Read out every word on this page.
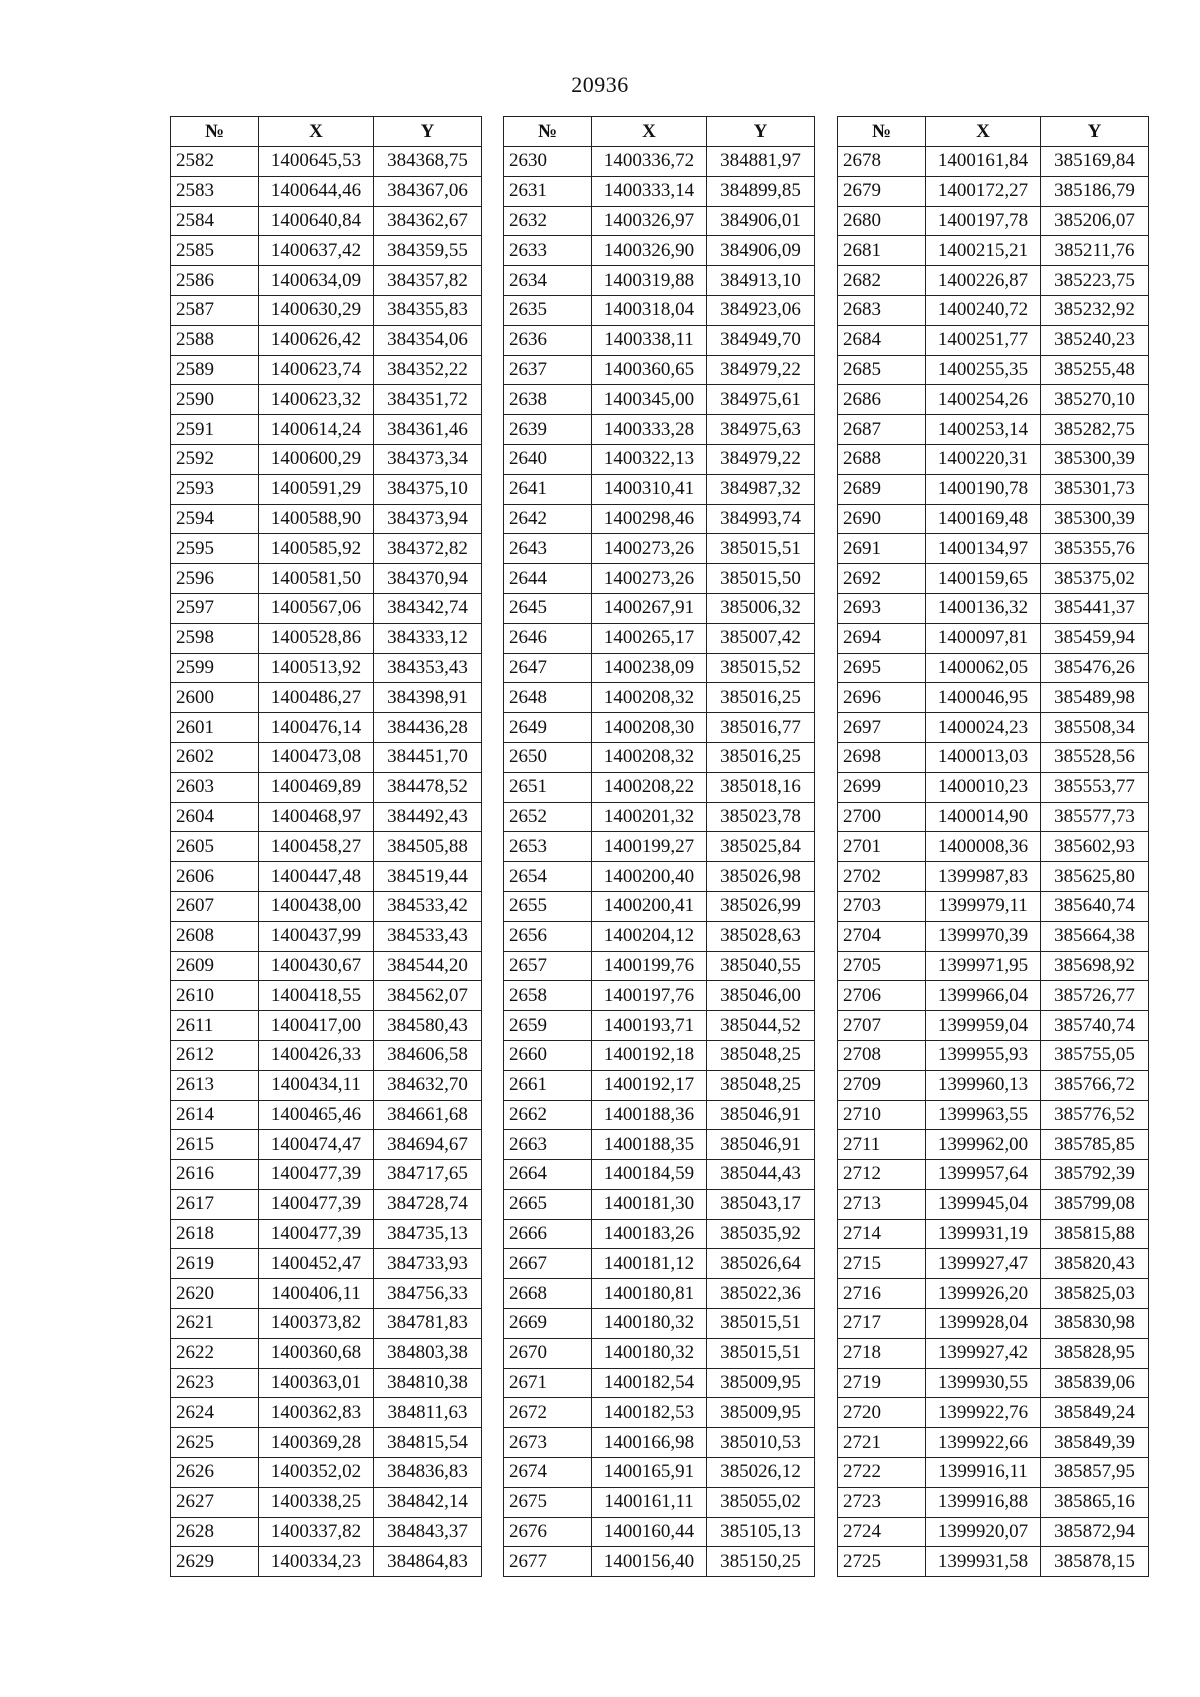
20936
№	X	Y
2582	1400645,53	384368,75
2583	1400644,46	384367,06
2584	1400640,84	384362,67
2585	1400637,42	384359,55
2586	1400634,09	384357,82
2587	1400630,29	384355,83
2588	1400626,42	384354,06
2589	1400623,74	384352,22
2590	1400623,32	384351,72
2591	1400614,24	384361,46
2592	1400600,29	384373,34
2593	1400591,29	384375,10
2594	1400588,90	384373,94
2595	1400585,92	384372,82
2596	1400581,50	384370,94
2597	1400567,06	384342,74
2598	1400528,86	384333,12
2599	1400513,92	384353,43
2600	1400486,27	384398,91
2601	1400476,14	384436,28
2602	1400473,08	384451,70
2603	1400469,89	384478,52
2604	1400468,97	384492,43
2605	1400458,27	384505,88
2606	1400447,48	384519,44
2607	1400438,00	384533,42
2608	1400437,99	384533,43
2609	1400430,67	384544,20
2610	1400418,55	384562,07
2611	1400417,00	384580,43
2612	1400426,33	384606,58
2613	1400434,11	384632,70
2614	1400465,46	384661,68
2615	1400474,47	384694,67
2616	1400477,39	384717,65
2617	1400477,39	384728,74
2618	1400477,39	384735,13
2619	1400452,47	384733,93
2620	1400406,11	384756,33
2621	1400373,82	384781,83
2622	1400360,68	384803,38
2623	1400363,01	384810,38
2624	1400362,83	384811,63
2625	1400369,28	384815,54
2626	1400352,02	384836,83
2627	1400338,25	384842,14
2628	1400337,82	384843,37
2629	1400334,23	384864,83
№	X	Y
2630	1400336,72	384881,97
2631	1400333,14	384899,85
2632	1400326,97	384906,01
2633	1400326,90	384906,09
2634	1400319,88	384913,10
2635	1400318,04	384923,06
2636	1400338,11	384949,70
2637	1400360,65	384979,22
2638	1400345,00	384975,61
2639	1400333,28	384975,63
2640	1400322,13	384979,22
2641	1400310,41	384987,32
2642	1400298,46	384993,74
2643	1400273,26	385015,51
2644	1400273,26	385015,50
2645	1400267,91	385006,32
2646	1400265,17	385007,42
2647	1400238,09	385015,52
2648	1400208,32	385016,25
2649	1400208,30	385016,77
2650	1400208,32	385016,25
2651	1400208,22	385018,16
2652	1400201,32	385023,78
2653	1400199,27	385025,84
2654	1400200,40	385026,98
2655	1400200,41	385026,99
2656	1400204,12	385028,63
2657	1400199,76	385040,55
2658	1400197,76	385046,00
2659	1400193,71	385044,52
2660	1400192,18	385048,25
2661	1400192,17	385048,25
2662	1400188,36	385046,91
2663	1400188,35	385046,91
2664	1400184,59	385044,43
2665	1400181,30	385043,17
2666	1400183,26	385035,92
2667	1400181,12	385026,64
2668	1400180,81	385022,36
2669	1400180,32	385015,51
2670	1400180,32	385015,51
2671	1400182,54	385009,95
2672	1400182,53	385009,95
2673	1400166,98	385010,53
2674	1400165,91	385026,12
2675	1400161,11	385055,02
2676	1400160,44	385105,13
2677	1400156,40	385150,25
№	X	Y
2678	1400161,84	385169,84
2679	1400172,27	385186,79
2680	1400197,78	385206,07
2681	1400215,21	385211,76
2682	1400226,87	385223,75
2683	1400240,72	385232,92
2684	1400251,77	385240,23
2685	1400255,35	385255,48
2686	1400254,26	385270,10
2687	1400253,14	385282,75
2688	1400220,31	385300,39
2689	1400190,78	385301,73
2690	1400169,48	385300,39
2691	1400134,97	385355,76
2692	1400159,65	385375,02
2693	1400136,32	385441,37
2694	1400097,81	385459,94
2695	1400062,05	385476,26
2696	1400046,95	385489,98
2697	1400024,23	385508,34
2698	1400013,03	385528,56
2699	1400010,23	385553,77
2700	1400014,90	385577,73
2701	1400008,36	385602,93
2702	1399987,83	385625,80
2703	1399979,11	385640,74
2704	1399970,39	385664,38
2705	1399971,95	385698,92
2706	1399966,04	385726,77
2707	1399959,04	385740,74
2708	1399955,93	385755,05
2709	1399960,13	385766,72
2710	1399963,55	385776,52
2711	1399962,00	385785,85
2712	1399957,64	385792,39
2713	1399945,04	385799,08
2714	1399931,19	385815,88
2715	1399927,47	385820,43
2716	1399926,20	385825,03
2717	1399928,04	385830,98
2718	1399927,42	385828,95
2719	1399930,55	385839,06
2720	1399922,76	385849,24
2721	1399922,66	385849,39
2722	1399916,11	385857,95
2723	1399916,88	385865,16
2724	1399920,07	385872,94
2725	1399931,58	385878,15
